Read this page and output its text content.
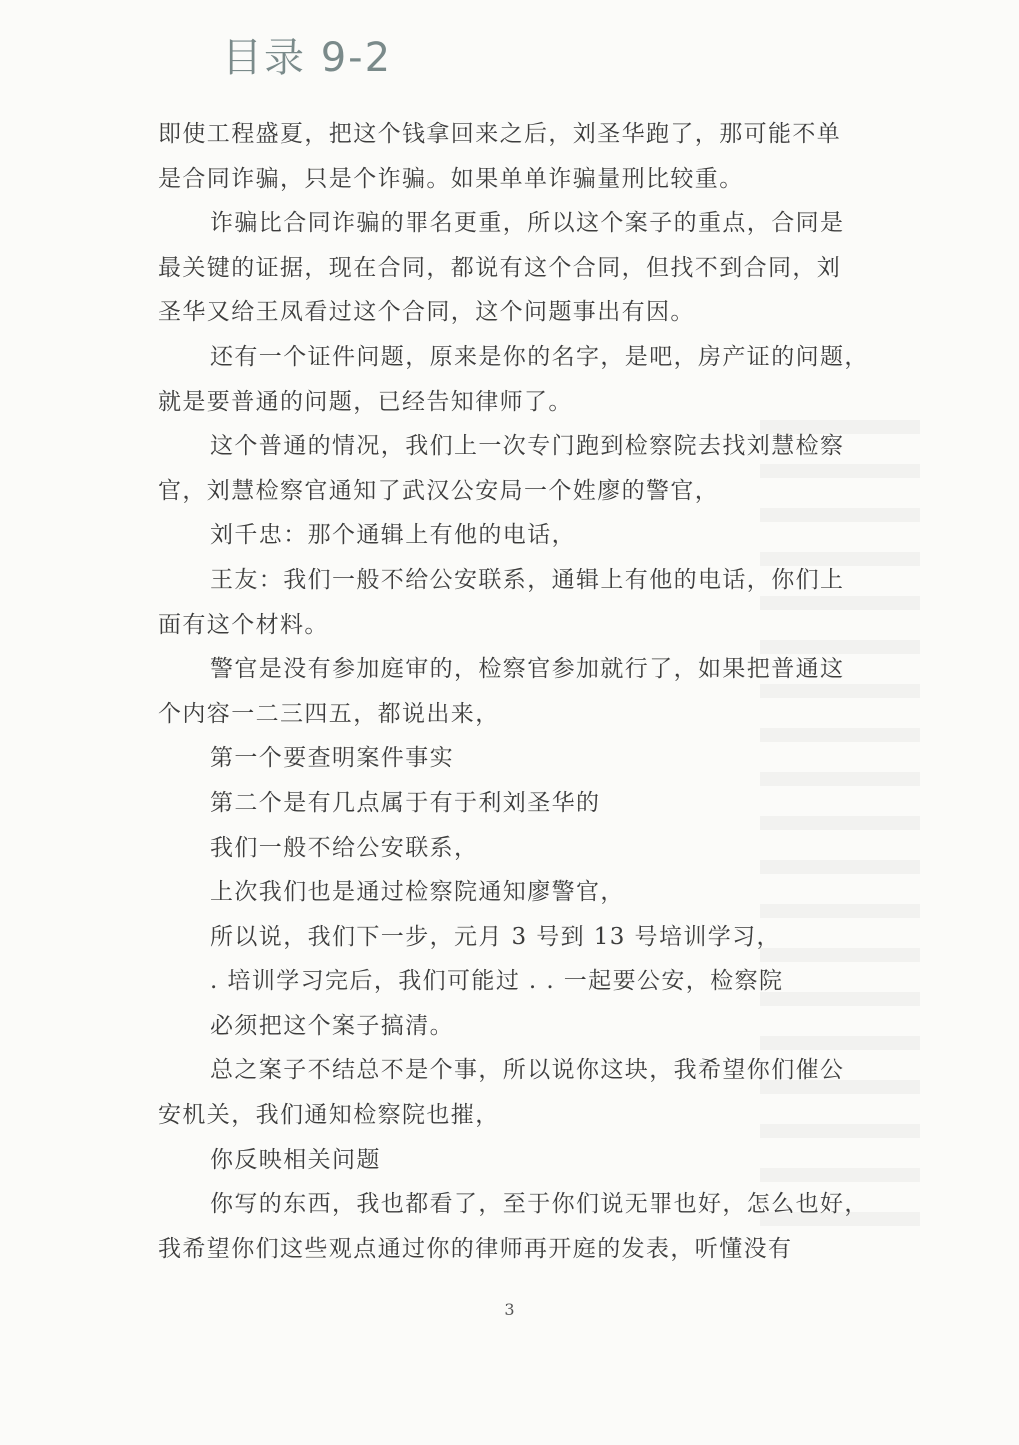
目录 9-2
即使工程盛夏，把这个钱拿回来之后，刘圣华跑了，那可能不单
是合同诈骗，只是个诈骗。如果单单诈骗量刑比较重。
诈骗比合同诈骗的罪名更重，所以这个案子的重点，合同是
最关键的证据，现在合同，都说有这个合同，但找不到合同，刘
圣华又给王凤看过这个合同，这个问题事出有因。
还有一个证件问题，原来是你的名字，是吧，房产证的问题，
就是要普通的问题，已经告知律师了。
这个普通的情况，我们上一次专门跑到检察院去找刘慧检察
官，刘慧检察官通知了武汉公安局一个姓廖的警官，
刘千忠：那个通辑上有他的电话，
王友：我们一般不给公安联系，通辑上有他的电话，你们上
面有这个材料。
警官是没有参加庭审的，检察官参加就行了，如果把普通这
个内容一二三四五，都说出来，
第一个要查明案件事实
第二个是有几点属于有于利刘圣华的
我们一般不给公安联系，
上次我们也是通过检察院通知廖警官，
所以说，我们下一步，元月 3 号到 13 号培训学习，
. 培训学习完后，我们可能过 . . 一起要公安，检察院
必须把这个案子搞清。
总之案子不结总不是个事，所以说你这块，我希望你们催公
安机关，我们通知检察院也摧，
你反映相关问题
你写的东西，我也都看了，至于你们说无罪也好，怎么也好，
我希望你们这些观点通过你的律师再开庭的发表，听懂没有
3
